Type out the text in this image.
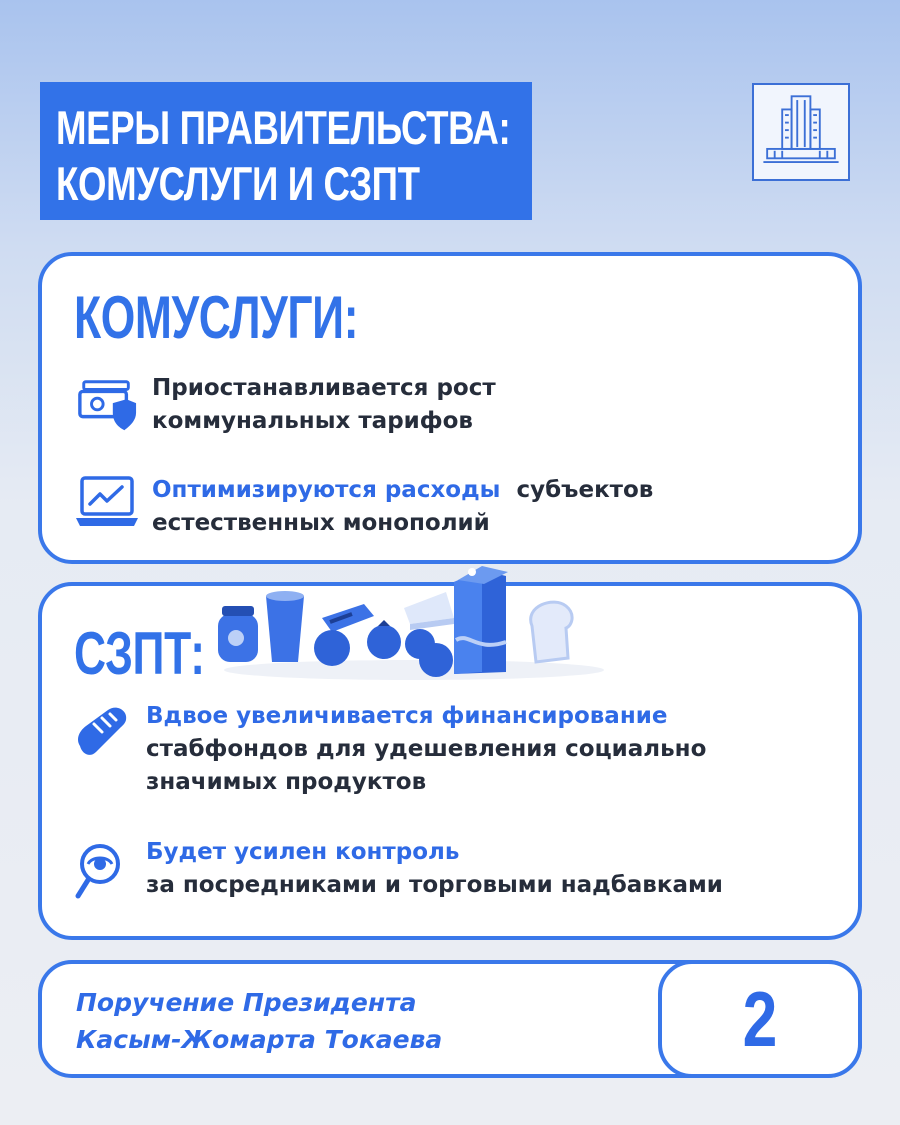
МЕРЫ ПРАВИТЕЛЬСТВА:
КОМУСЛУГИ И СЗПТ
КОМУСЛУГИ:
Приостанавливается рост
коммунальных тарифов
Оптимизируются расходы субъектов
естественных монополий
СЗПТ:
Вдвое увеличивается финансирование
стабфондов для удешевления социально
значимых продуктов
Будет усилен контроль
за посредниками и торговыми надбавками
Поручение Президента
Касым-Жомарта Токаева	2
